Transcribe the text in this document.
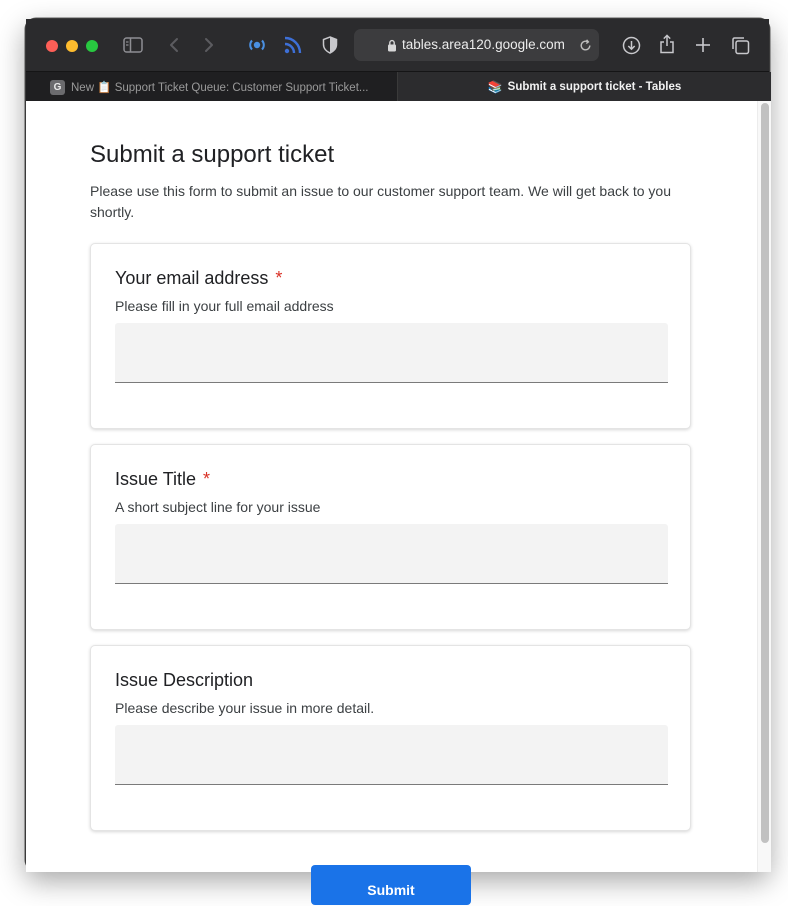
tables.area120.google.com
G New 📋 Support Ticket Queue: Customer Support Ticket...	📚 Submit a support ticket - Tables
Submit a support ticket
Please use this form to submit an issue to our customer support team. We will get back to you shortly.
Your email address *
Please fill in your full email address
Issue Title *
A short subject line for your issue
Issue Description
Please describe your issue in more detail.
Submit
